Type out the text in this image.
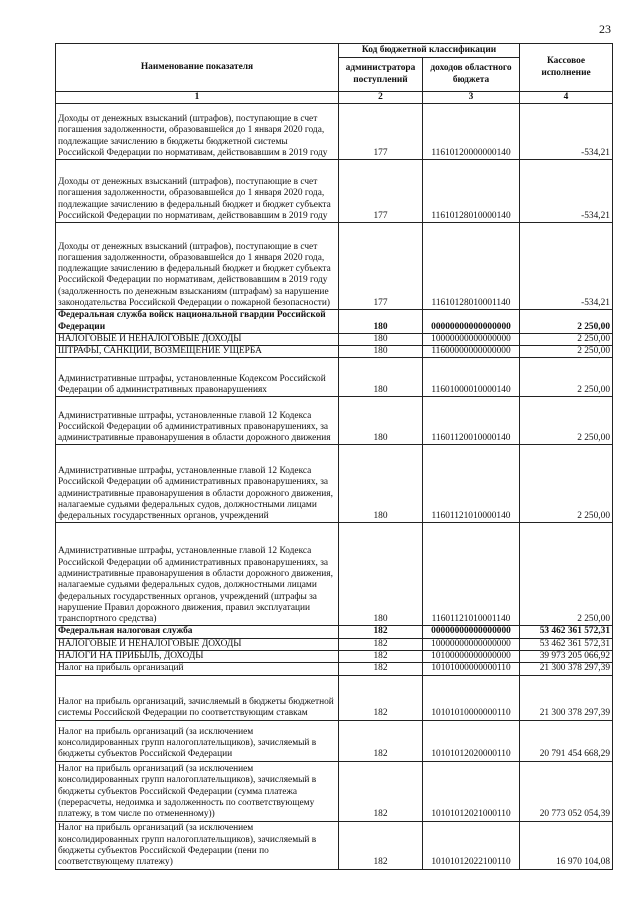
23
Наименование показателя	Код бюджетной классификации		Кассовое исполнение
	администратора поступлений	доходов областного бюджета	
1	2	3	4
Доходы от денежных взысканий (штрафов), поступающие в счет погашения задолженности, образовавшейся до 1 января 2020 года, подлежащие зачислению в бюджеты бюджетной системы Российской Федерации по нормативам, действовавшим в 2019 году	177	11610120000000140	-534,21
Доходы от денежных взысканий (штрафов), поступающие в счет погашения задолженности, образовавшейся до 1 января 2020 года, подлежащие зачислению в федеральный бюджет и бюджет субъекта Российской Федерации по нормативам, действовавшим в 2019 году	177	11610128010000140	-534,21
Доходы от денежных взысканий (штрафов), поступающие в счет погашения задолженности, образовавшейся до 1 января 2020 года, подлежащие зачислению в федеральный бюджет и бюджет субъекта Российской Федерации по нормативам, действовавшим в 2019 году (задолженность по денежным взысканиям (штрафам) за нарушение законодательства Российской Федерации о пожарной безопасности)	177	11610128010001140	-534,21
Федеральная служба войск национальной гвардии Российской Федерации	180	00000000000000000	2 250,00
НАЛОГОВЫЕ И НЕНАЛОГОВЫЕ ДОХОДЫ	180	10000000000000000	2 250,00
ШТРАФЫ, САНКЦИИ, ВОЗМЕЩЕНИЕ УЩЕРБА	180	11600000000000000	2 250,00
Административные штрафы, установленные Кодексом Российской Федерации об административных правонарушениях	180	11601000010000140	2 250,00
Административные штрафы, установленные главой 12 Кодекса Российской Федерации об административных правонарушениях, за административные правонарушения в области дорожного движения	180	11601120010000140	2 250,00
Административные штрафы, установленные главой 12 Кодекса Российской Федерации об административных правонарушениях, за административные правонарушения в области дорожного движения, налагаемые судьями федеральных судов, должностными лицами федеральных государственных органов, учреждений	180	11601121010000140	2 250,00
Административные штрафы, установленные главой 12 Кодекса Российской Федерации об административных правонарушениях, за административные правонарушения в области дорожного движения, налагаемые судьями федеральных судов, должностными лицами федеральных государственных органов, учреждений (штрафы за нарушение Правил дорожного движения, правил эксплуатации транспортного средства)	180	11601121010001140	2 250,00
Федеральная налоговая служба	182	00000000000000000	53 462 361 572,31
НАЛОГОВЫЕ И НЕНАЛОГОВЫЕ ДОХОДЫ	182	10000000000000000	53 462 361 572,31
НАЛОГИ НА ПРИБЫЛЬ, ДОХОДЫ	182	10100000000000000	39 973 205 066,92
Налог на прибыль организаций	182	10101000000000110	21 300 378 297,39
Налог на прибыль организаций, зачисляемый в бюджеты бюджетной системы Российской Федерации по соответствующим ставкам	182	10101010000000110	21 300 378 297,39
Налог на прибыль организаций (за исключением консолидированных групп налогоплательщиков), зачисляемый в бюджеты субъектов Российской Федерации	182	10101012020000110	20 791 454 668,29
Налог на прибыль организаций (за исключением консолидированных групп налогоплательщиков), зачисляемый в бюджеты субъектов Российской Федерации (сумма платежа (перерасчеты, недоимка и задолженность по соответствующему платежу, в том числе по отмененному))	182	10101012021000110	20 773 052 054,39
Налог на прибыль организаций (за исключением консолидированных групп налогоплательщиков), зачисляемый в бюджеты субъектов Российской Федерации (пени по соответствующему платежу)	182	10101012022100110	16 970 104,08
